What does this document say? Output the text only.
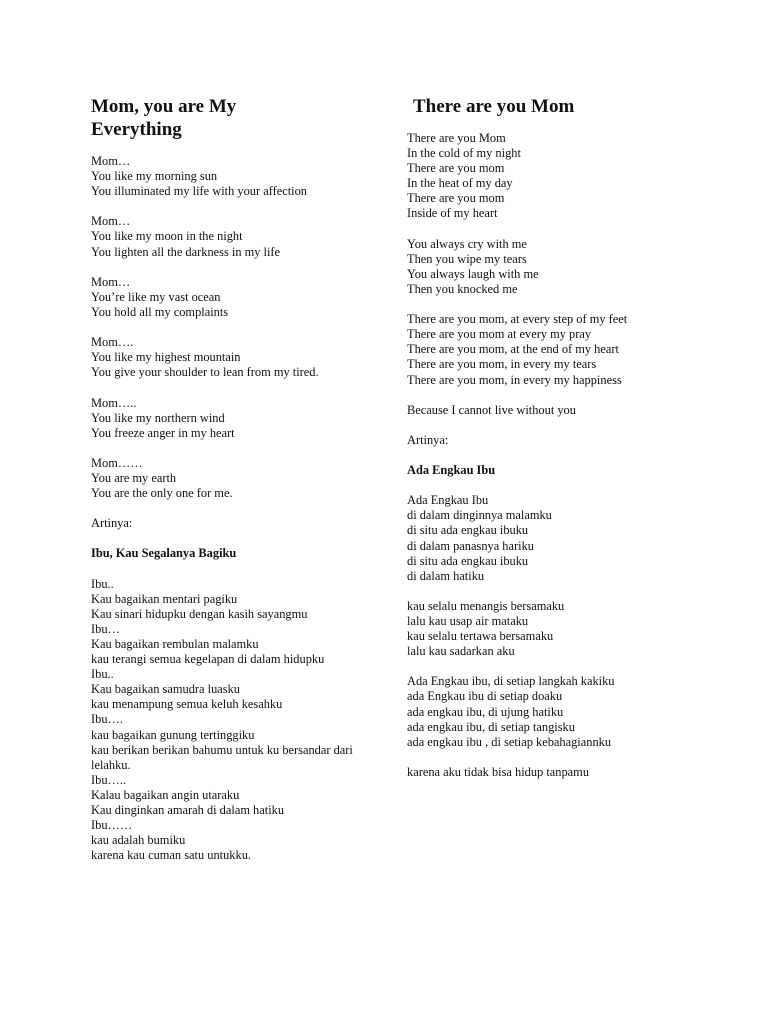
Mom, you are My Everything
Mom…
You like my morning sun
You illuminated my life with your affection
Mom…
You like my moon in the night
You lighten all the darkness in my life
Mom…
You’re like my vast ocean
You hold all my complaints
Mom….
You like my highest mountain
You give your shoulder to lean from my tired.
Mom…..
You like my northern wind
You freeze anger in my heart
Mom……
You are my earth
You are the only one for me.
Artinya:
Ibu, Kau Segalanya Bagiku
Ibu..
Kau bagaikan mentari pagiku
Kau sinari hidupku dengan kasih sayangmu
Ibu…
Kau bagaikan rembulan malamku
kau terangi semua kegelapan di dalam hidupku
Ibu..
Kau bagaikan samudra luasku
kau menampung semua keluh kesahku
Ibu….
kau bagaikan gunung tertinggiku
kau berikan berikan bahumu untuk ku bersandar dari lelahku.
Ibu…..
Kalau bagaikan angin utaraku
Kau dinginkan amarah di dalam hatiku
Ibu……
kau adalah bumiku
karena kau cuman satu untukku.
There are you Mom
There are you Mom
In the cold of my night
There are you mom
In the heat of my day
There are you mom
Inside of my heart
You always cry with me
Then you wipe my tears
You always laugh with me
Then you knocked me
There are you mom, at every step of my feet
There are you mom at every my pray
There are you mom, at the end of my heart
There are you mom, in every my tears
There are you mom, in every my happiness
Because I cannot live without you
Artinya:
Ada Engkau Ibu
Ada Engkau Ibu
di dalam dinginnya malamku
di situ ada engkau ibuku
di dalam panasnya hariku
di situ ada engkau ibuku
di dalam hatiku
kau selalu menangis bersamaku
lalu kau usap air mataku
kau selalu tertawa bersamaku
lalu kau sadarkan aku
Ada Engkau ibu, di setiap langkah kakiku
ada Engkau ibu di setiap doaku
ada engkau ibu, di ujung hatiku
ada engkau ibu, di setiap tangisku
ada engkau ibu , di setiap kebahagiannku
karena aku tidak bisa hidup tanpamu
